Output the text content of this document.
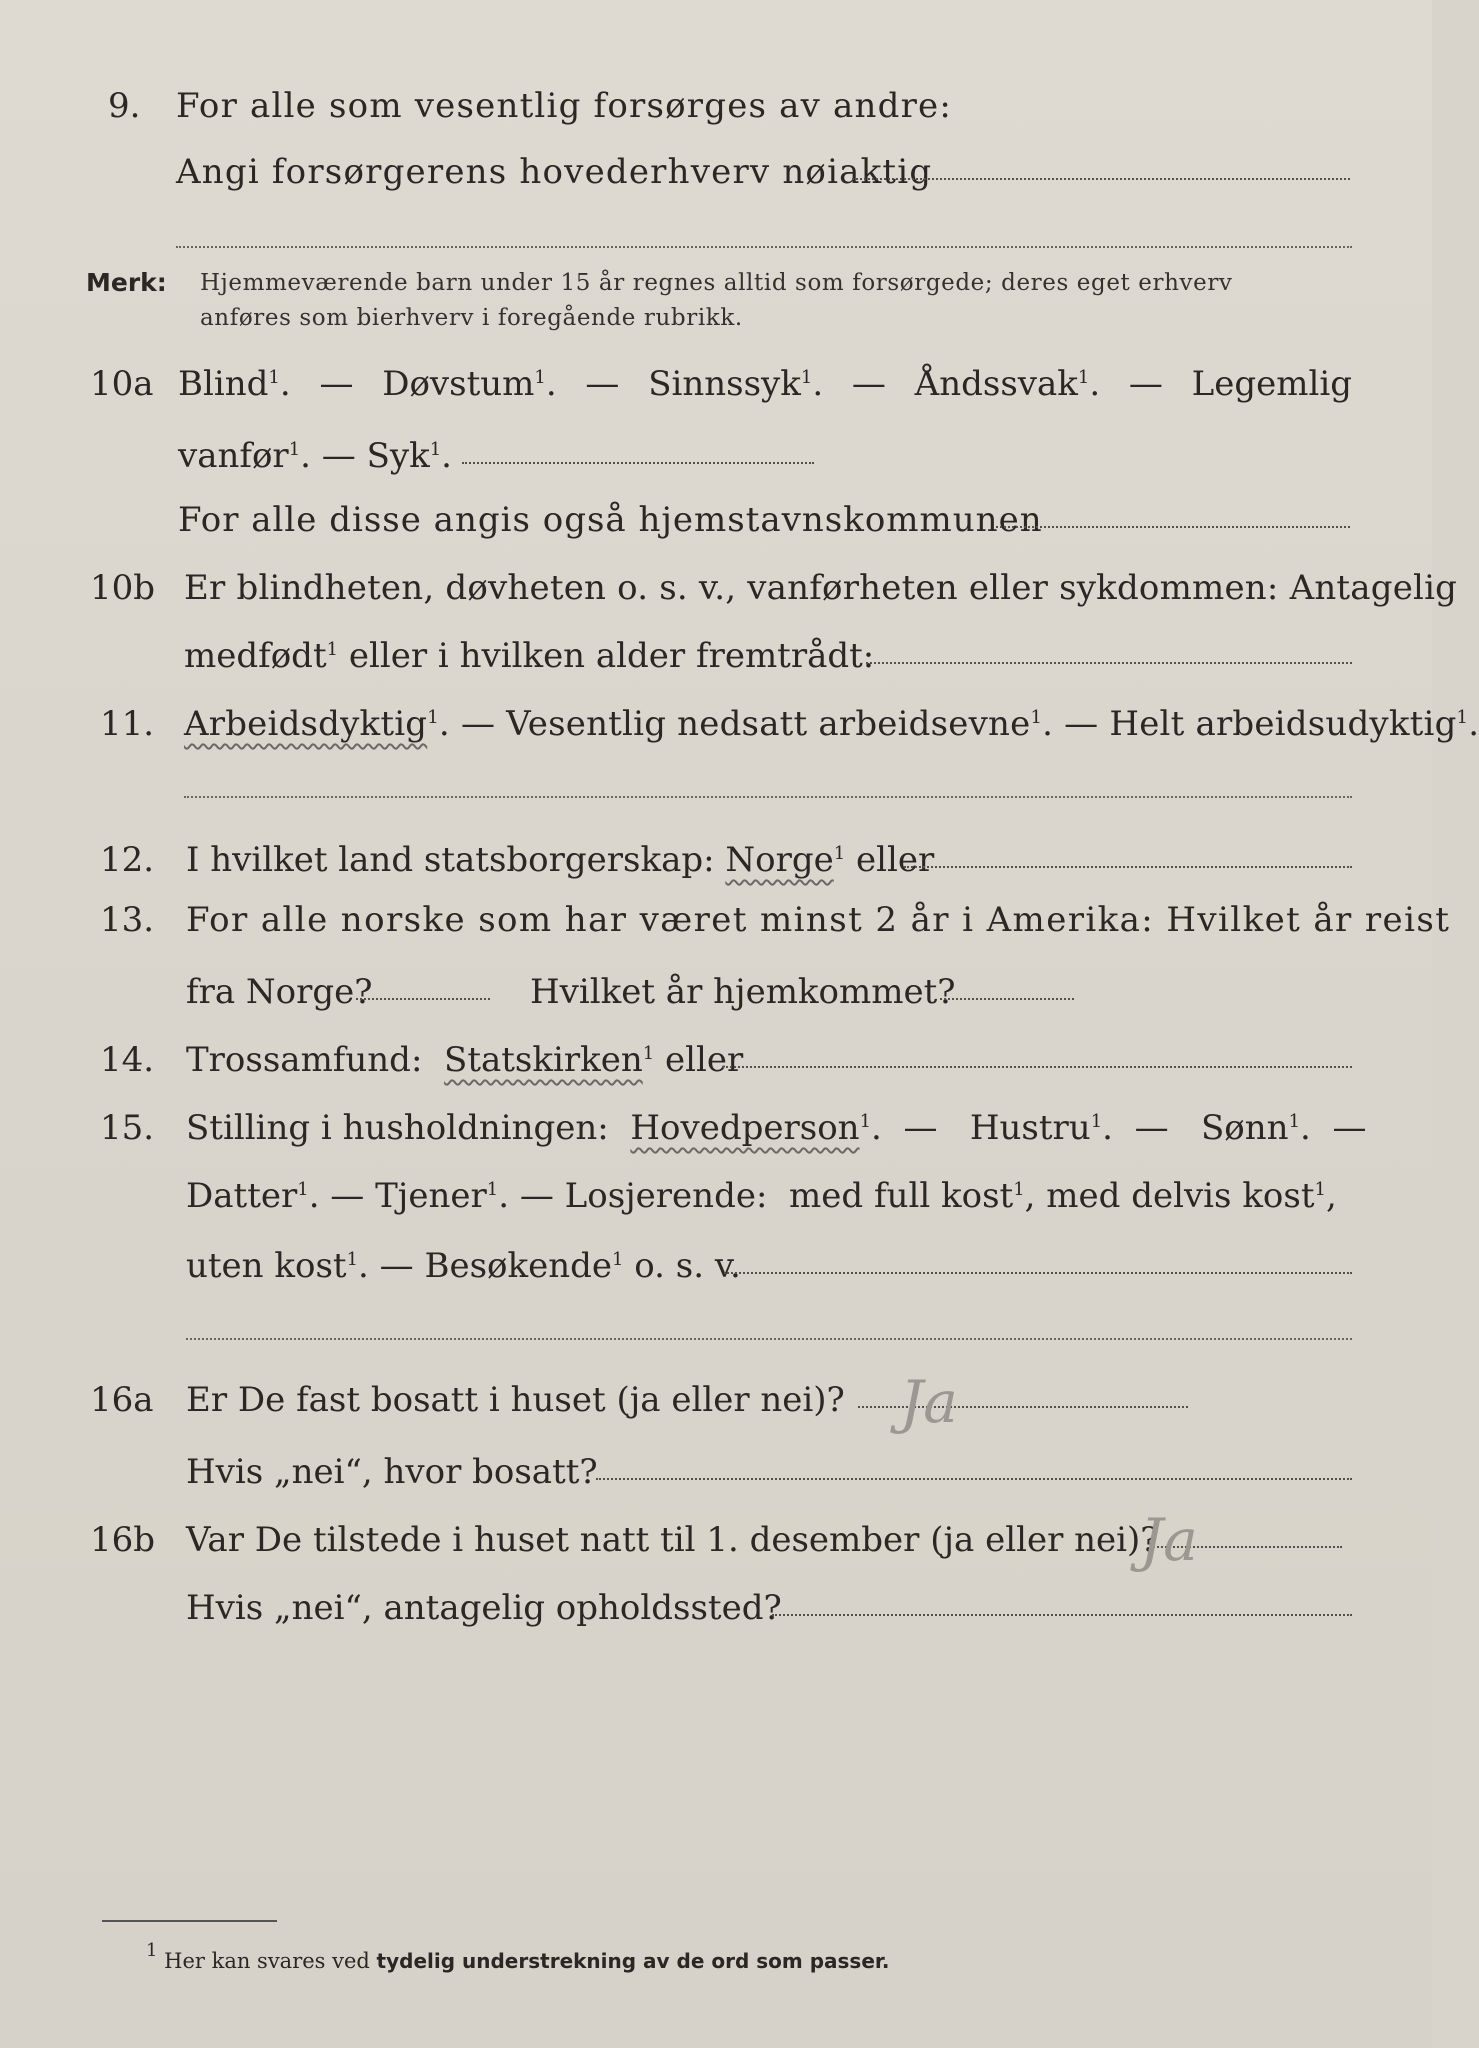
9. For alle som vesentlig forsørges av andre:
Angi forsørgerens hovederhverv nøiaktig
Merk: Hjemmeværende barn under 15 år regnes alltid som forsørgede; deres eget erhverv
anføres som bierhverv i foregående rubrikk.
10a Blind$^1$. — Døvstum$^1$. — Sinnssyk$^1$. — Åndssvak$^1$. — Legemlig
vanfør$^1$. — Syk$^1$.
For alle disse angis også hjemstavnskommunen
10b Er blindheten, døvheten o. s. v., vanførheten eller sykdommen: Antagelig
medfødt$^1$ eller i hvilken alder fremtrådt:
11. Arbeidsdyktig$^1$. — Vesentlig nedsatt arbeidsevne$^1$. — Helt arbeidsudyktig$^1$.
12. I hvilket land statsborgerskap: Norge$^1$ eller
13. For alle norske som har været minst 2 år i Amerika: Hvilket år reist
fra Norge?	Hvilket år hjemkommet?
14. Trossamfund: Statskirken$^1$ eller
15. Stilling i husholdningen: Hovedperson$^1$.  —   Hustru$^1$.  —   Sønn$^1$.  —
Datter$^1$. — Tjener$^1$. — Losjerende: med full kost$^1$, med delvis kost$^1$,
uten kost$^1$. — Besøkende$^1$ o. s. v.
16a Er De fast bosatt i huset (ja eller nei)? Ja
Hvis „nei“, hvor bosatt?
16b Var De tilstede i huset natt til 1. desember (ja eller nei)?
Ja
Hvis „nei“, antagelig opholdssted?
$^1$ Her kan svares ved tydelig understrekning av de ord som passer.
